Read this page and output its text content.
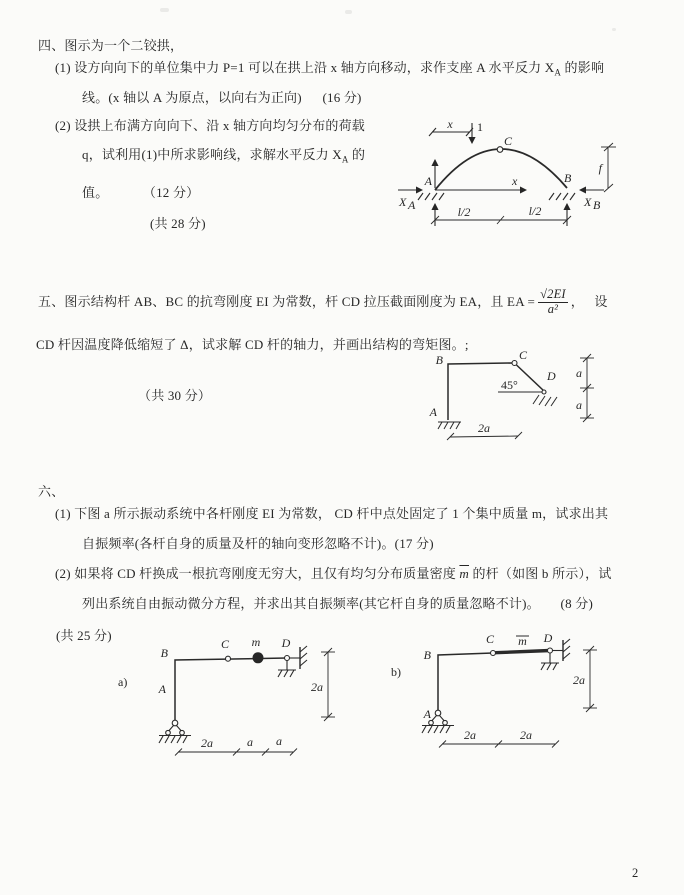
四、图示为一个二铰拱，
(1) 设方向向下的单位集中力 P=1 可以在拱上沿 x 轴方向移动，求作支座 A 水平反力 $X_A$ 的影响
线。(x 轴以 A 为原点，以向右为正向)      (16 分)
(2) 设拱上布满方向向下、沿 x 轴方向均匀分布的荷载
q，试利用(1)中所求影响线，求解水平反力 $X_A$ 的
值。          （12 分）
(共 28 分)
x 1
C
A	B
X A
x
X B
f
l/2	l/2
五、图示结构杆 AB、BC 的抗弯刚度 EI 为常数，杆 CD 拉压截面刚度为 EA，且 EA = $\frac{√2EI}{\text{a²}}$ ，   设
CD 杆因温度降低缩短了 Δ，试求解 CD 杆的轴力，并画出结构的弯矩图。;
（共 30 分）
B	C
D
A
45°
a
a
2a
六、
(1) 下图 a 所示振动系统中各杆刚度 EI 为常数， CD 杆中点处固定了 1 个集中质量 m，试求出其
自振频率(各杆自身的质量及杆的轴向变形忽略不计)。(17 分)
(2) 如果将 CD 杆换成一根抗弯刚度无穷大，且仅有均匀分布质量密度 $\overline{m}$ 的杆（如图 b 所示），试
列出系统自由振动微分方程，并求出其自振频率(其它杆自身的质量忽略不计)。      (8 分)
(共 25 分)
a)
B
A
C m D
2a
2a	a a
b)
B
C m D
A
2a
2a	2a
2
